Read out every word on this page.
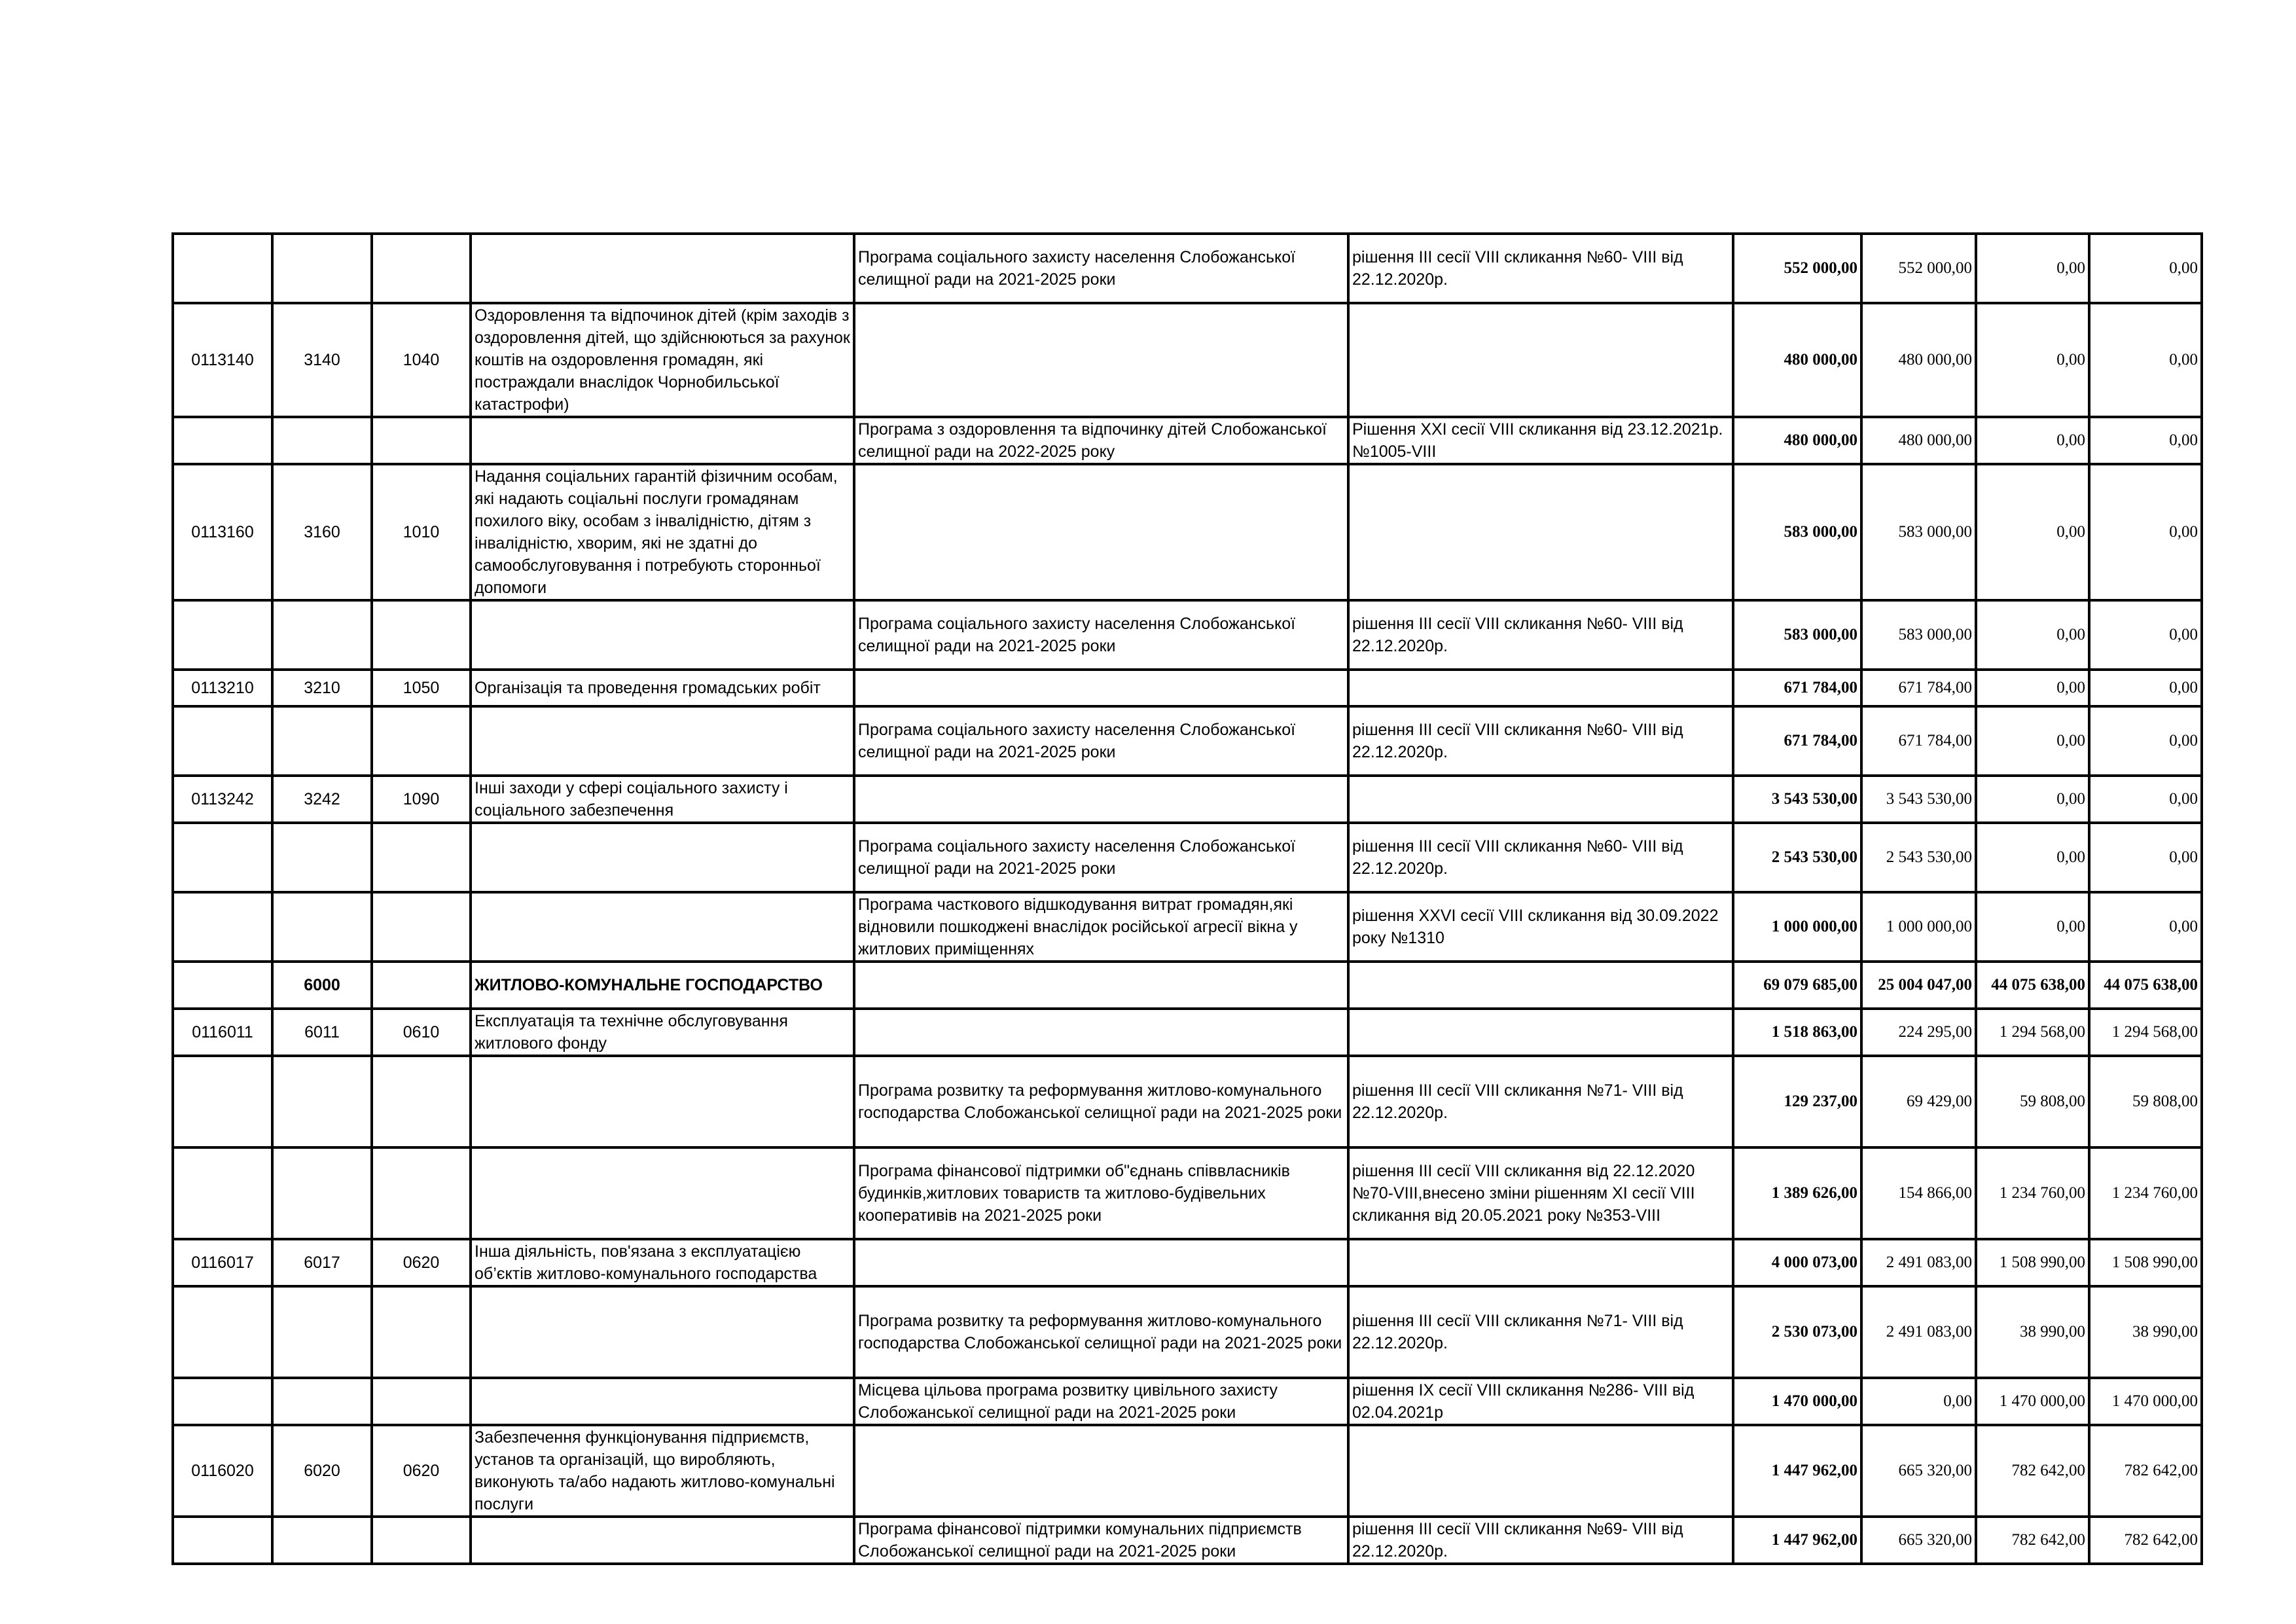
				Програма соціального захисту населення Слобожанської селищної ради на 2021-2025 роки	рішення ІІІ сесії VIII скликання №60- VIII від 22.12.2020р.	552 000,00	552 000,00	0,00	0,00
0113140	3140	1040	Оздоровлення та відпочинок дітей (крім заходів з оздоровлення дітей, що здійснюються за рахунок коштів на оздоровлення громадян, які постраждали внаслідок Чорнобильської катастрофи)			480 000,00	480 000,00	0,00	0,00
				Програма з оздоровлення та відпочинку дітей Слобожанської селищної ради на 2022-2025 року	Рішення ХХІ сесії VIII скликання від 23.12.2021р. №1005-VIII	480 000,00	480 000,00	0,00	0,00
0113160	3160	1010	Надання соціальних гарантій фізичним особам, які надають соціальні послуги громадянам похилого віку, особам з інвалідністю, дітям з інвалідністю, хворим, які не здатні до самообслуговування і потребують сторонньої допомоги			583 000,00	583 000,00	0,00	0,00
				Програма соціального захисту населення Слобожанської селищної ради на 2021-2025 роки	рішення ІІІ сесії VIII скликання №60- VIII від 22.12.2020р.	583 000,00	583 000,00	0,00	0,00
0113210	3210	1050	Організація та проведення громадських робіт			671 784,00	671 784,00	0,00	0,00
				Програма соціального захисту населення Слобожанської селищної ради на 2021-2025 роки	рішення ІІІ сесії VIII скликання №60- VIII від 22.12.2020р.	671 784,00	671 784,00	0,00	0,00
0113242	3242	1090	Інші заходи у сфері соціального захисту і соціального забезпечення			3 543 530,00	3 543 530,00	0,00	0,00
				Програма соціального захисту населення Слобожанської селищної ради на 2021-2025 роки	рішення ІІІ сесії VIII скликання №60- VIII від 22.12.2020р.	2 543 530,00	2 543 530,00	0,00	0,00
				Програма часткового відшкодування витрат громадян,які відновили пошкоджені внаслідок російської агресії вікна у житлових приміщеннях	рішення XXVI сесії VIII скликання від 30.09.2022 року №1310	1 000 000,00	1 000 000,00	0,00	0,00
	6000		ЖИТЛОВО-КОМУНАЛЬНЕ ГОСПОДАРСТВО			69 079 685,00	25 004 047,00	44 075 638,00	44 075 638,00
0116011	6011	0610	Експлуатація та технічне обслуговування житлового фонду			1 518 863,00	224 295,00	1 294 568,00	1 294 568,00
				Програма розвитку та реформування житлово-комунального господарства Слобожанської селищної ради на 2021-2025 роки	рішення ІІІ сесії VIII скликання №71- VIII від 22.12.2020р.	129 237,00	69 429,00	59 808,00	59 808,00
				Програма фінансової підтримки об"єднань співвласників будинків,житлових товариств та житлово-будівельних кооперативів на 2021-2025 роки	рішення ІІІ сесії VIII скликання від 22.12.2020 №70-VIII,внесено зміни рішенням ХІ сесії VIII скликання від 20.05.2021 року №353-VIII	1 389 626,00	154 866,00	1 234 760,00	1 234 760,00
0116017	6017	0620	Інша діяльність, пов'язана з експлуатацією об’єктів житлово-комунального господарства			4 000 073,00	2 491 083,00	1 508 990,00	1 508 990,00
				Програма розвитку та реформування житлово-комунального господарства Слобожанської селищної ради на 2021-2025 роки	рішення ІІІ сесії VIII скликання №71- VIII від 22.12.2020р.	2 530 073,00	2 491 083,00	38 990,00	38 990,00
				Місцева цільова програма розвитку цивільного захисту Слобожанської селищної ради на 2021-2025 роки	рішення ІХ сесії VIII скликання №286- VIII від 02.04.2021р	1 470 000,00	0,00	1 470 000,00	1 470 000,00
0116020	6020	0620	Забезпечення функціонування підприємств, установ та організацій, що виробляють, виконують та/або надають житлово-комунальні послуги			1 447 962,00	665 320,00	782 642,00	782 642,00
				Програма фінансової підтримки комунальних підприємств Слобожанської селищної ради на 2021-2025 роки	рішення ІІІ сесії VIII скликання №69- VIII від 22.12.2020р.	1 447 962,00	665 320,00	782 642,00	782 642,00
